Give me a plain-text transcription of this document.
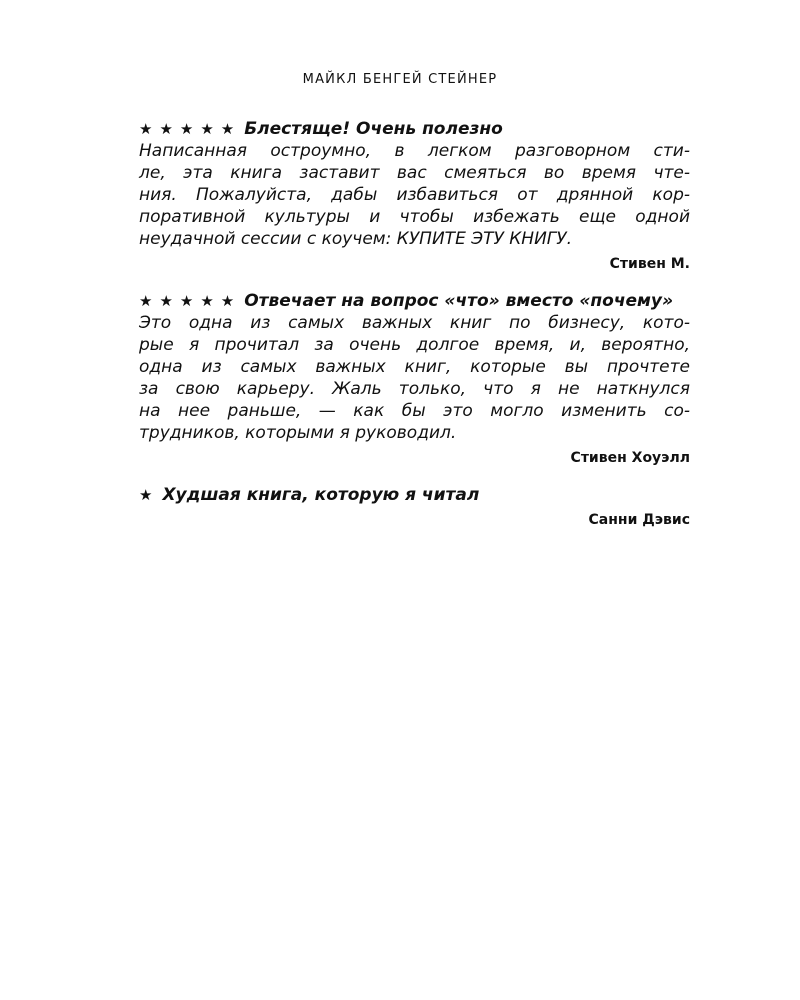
МАЙКЛ БЕНГЕЙ СТЕЙНЕР
★ ★ ★ ★ ★ Блестяще! Очень полезно

Написанная остроумно, в легком разговорном сти-
ле, эта книга заставит вас смеяться во время чте-
ния. Пожалуйста, дабы избавиться от дрянной кор-
поративной культуры и чтобы избежать еще одной
неудачной сессии с коучем: КУПИТЕ ЭТУ КНИГУ.

Стивен М.
★ ★ ★ ★ ★ Отвечает на вопрос «что» вместо «почему»

Это одна из самых важных книг по бизнесу, кото-
рые я прочитал за очень долгое время, и, вероятно,
одна из самых важных книг, которые вы прочтете
за свою карьеру. Жаль только, что я не наткнулся
на нее раньше, — как бы это могло изменить со-
трудников, которыми я руководил.

Стивен Хоуэлл
★ Худшая книга, которую я читал
Санни Дэвис
